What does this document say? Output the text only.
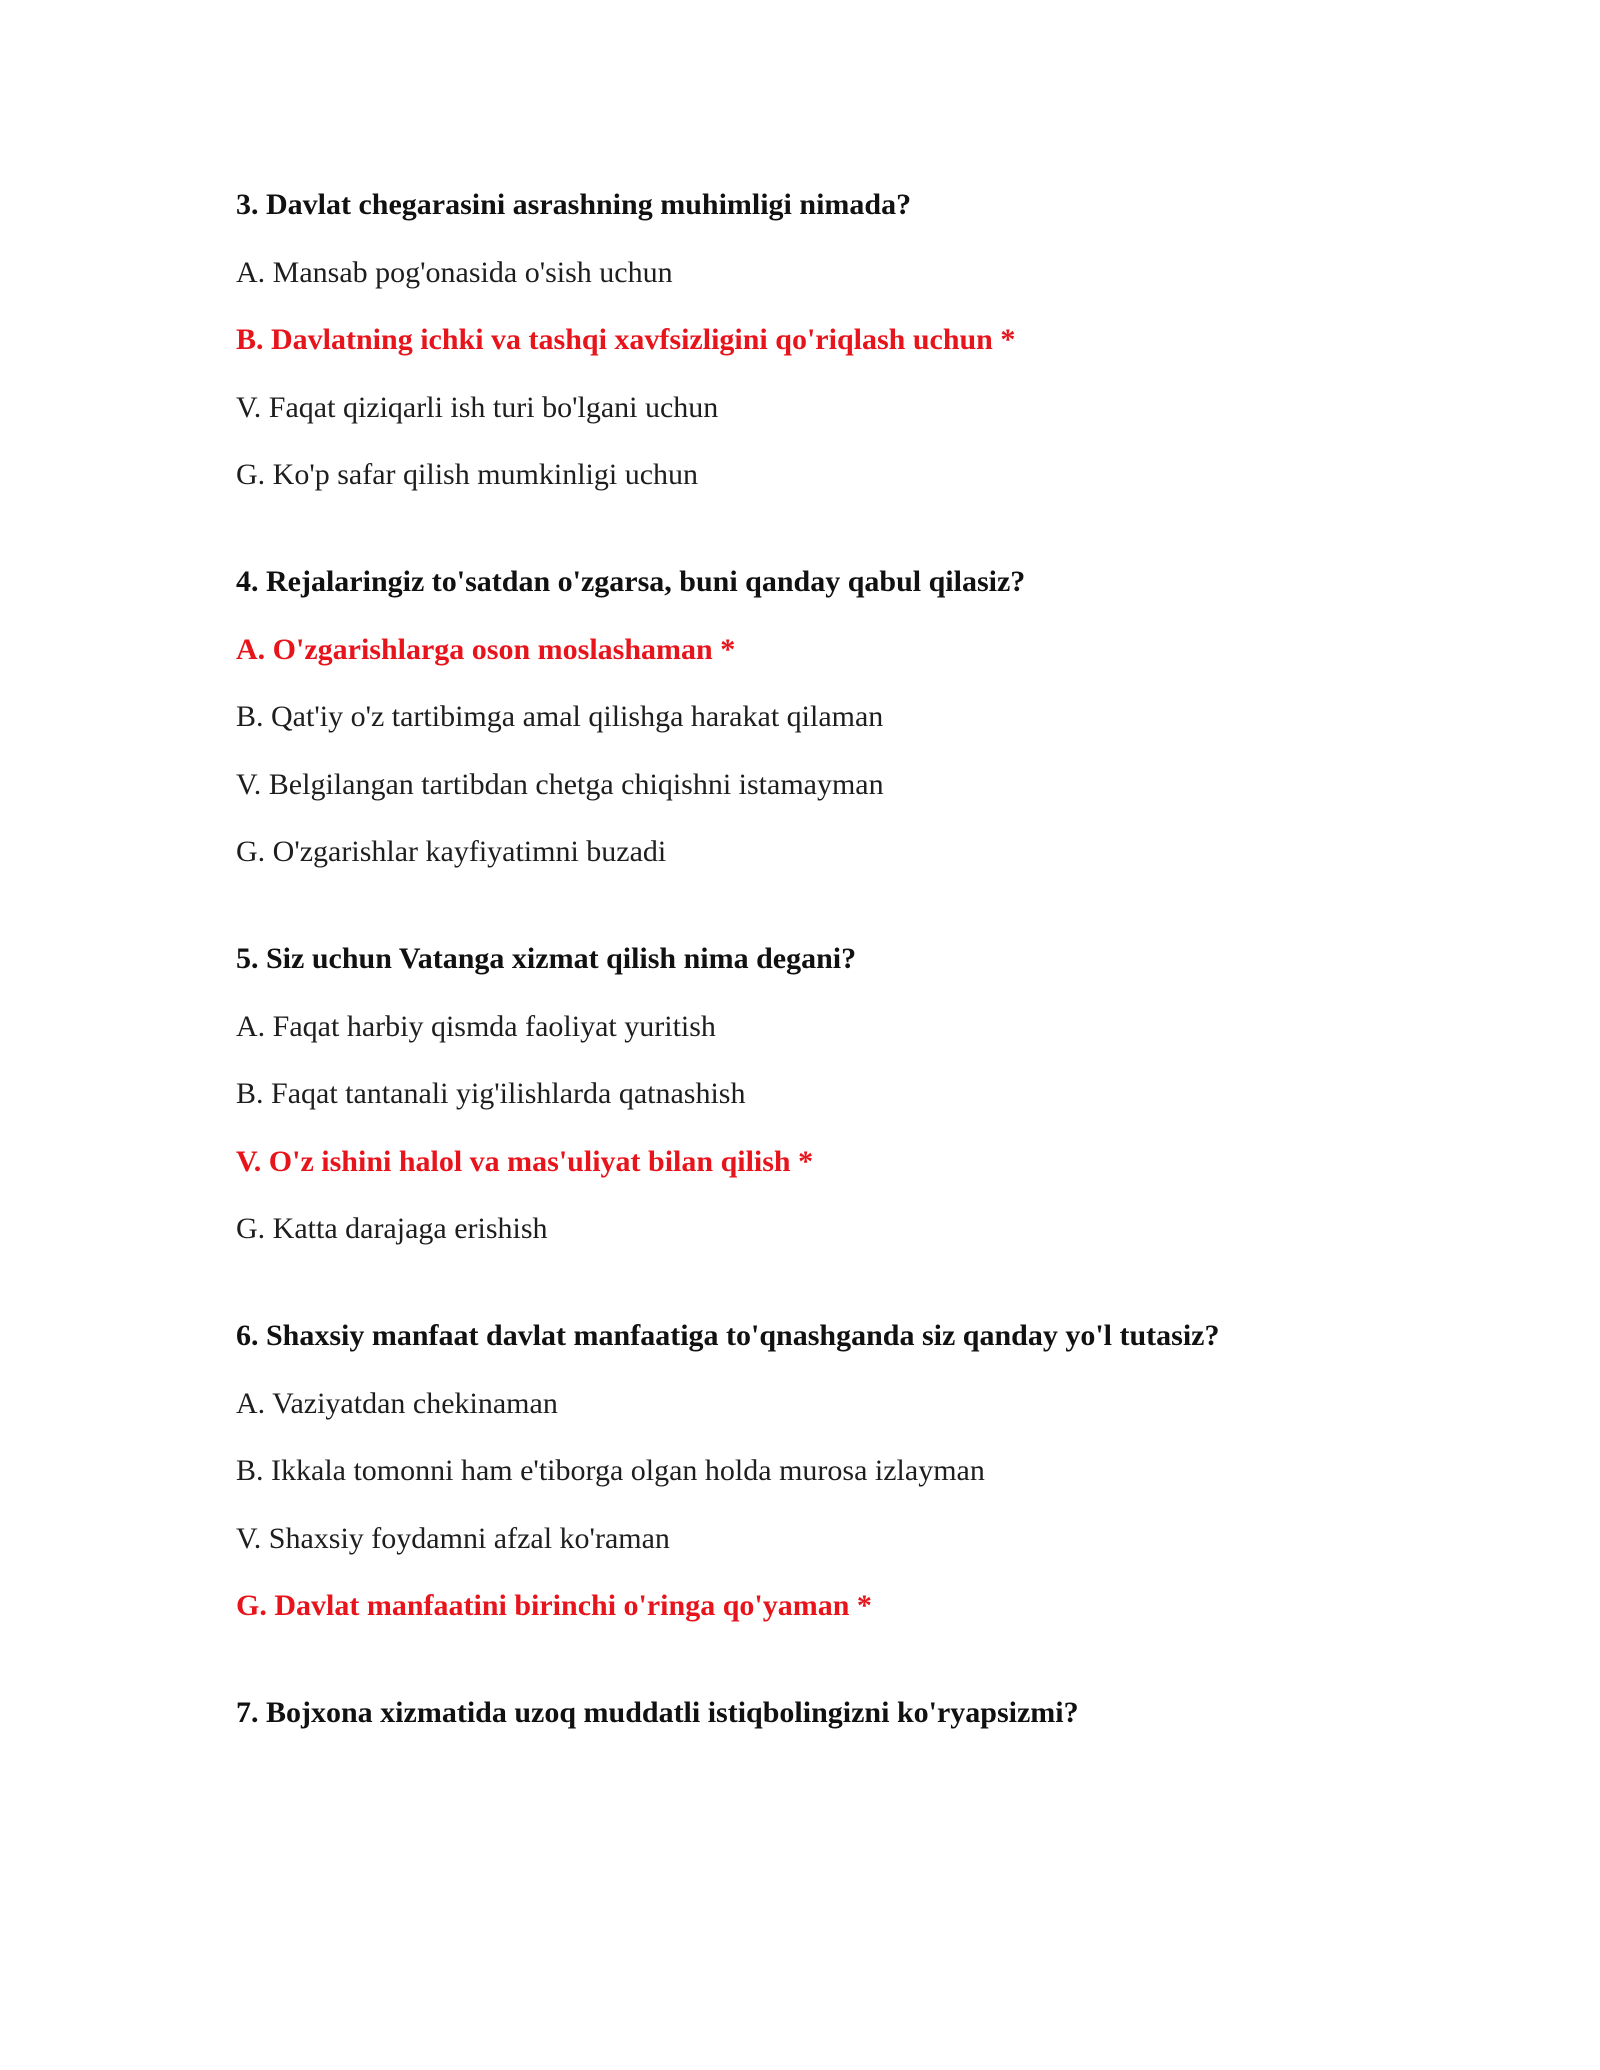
3. Davlat chegarasini asrashning muhimligi nimada?
A. Mansab pog'onasida o'sish uchun
B. Davlatning ichki va tashqi xavfsizligini qo'riqlash uchun *
V. Faqat qiziqarli ish turi bo'lgani uchun
G. Ko'p safar qilish mumkinligi uchun
4. Rejalaringiz to'satdan o'zgarsa, buni qanday qabul qilasiz?
A. O'zgarishlarga oson moslashaman *
B. Qat'iy o'z tartibimga amal qilishga harakat qilaman
V. Belgilangan tartibdan chetga chiqishni istamayman
G. O'zgarishlar kayfiyatimni buzadi
5. Siz uchun Vatanga xizmat qilish nima degani?
A. Faqat harbiy qismda faoliyat yuritish
B. Faqat tantanali yig'ilishlarda qatnashish
V. O'z ishini halol va mas'uliyat bilan qilish *
G. Katta darajaga erishish
6. Shaxsiy manfaat davlat manfaatiga to'qnashganda siz qanday yo'l tutasiz?
A. Vaziyatdan chekinaman
B. Ikkala tomonni ham e'tiborga olgan holda murosa izlayman
V. Shaxsiy foydamni afzal ko'raman
G. Davlat manfaatini birinchi o'ringa qo'yaman *
7. Bojxona xizmatida uzoq muddatli istiqbolingizni ko'ryapsizmi?
